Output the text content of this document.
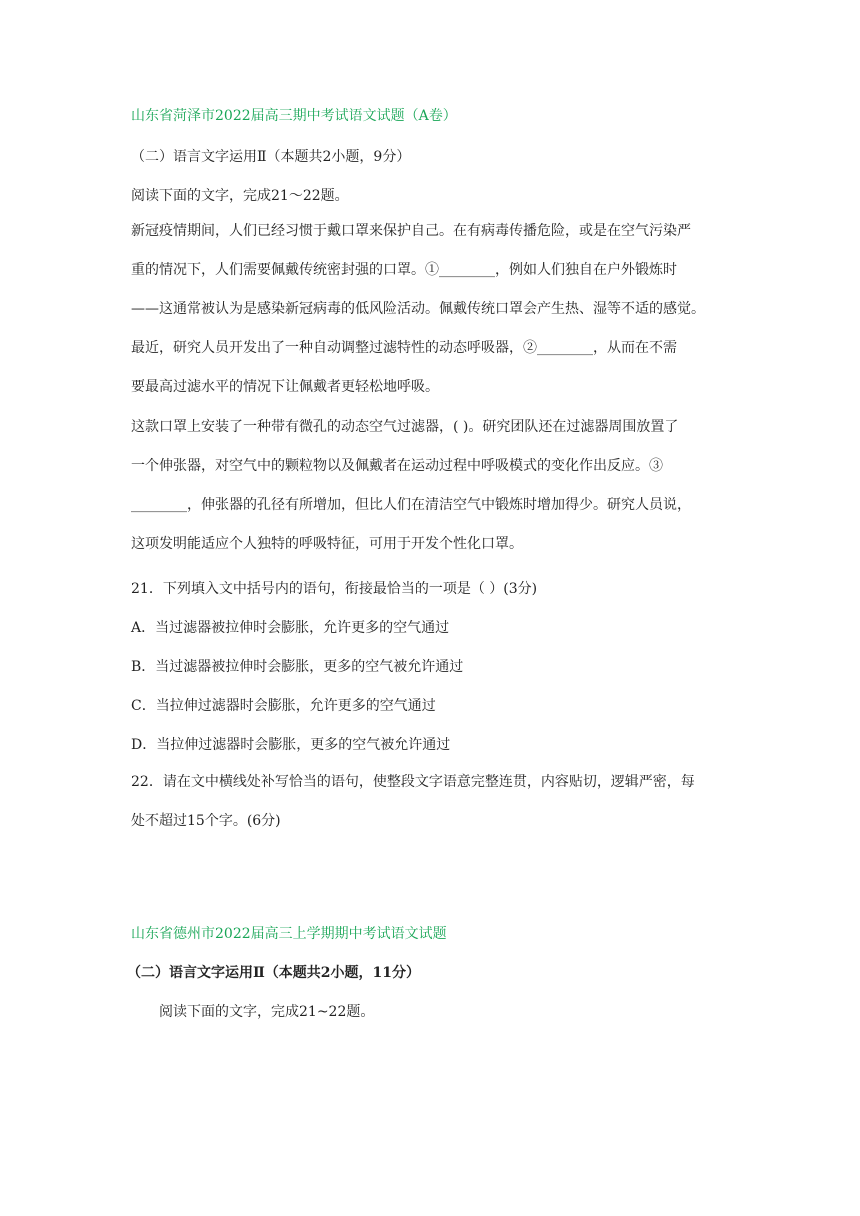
山东省菏泽市2022届高三期中考试语文试题（A卷）
（二）语言文字运用Ⅱ（本题共2小题，9分）
阅读下面的文字，完成21～22题。

新冠疫情期间，人们已经习惯于戴口罩来保护自己。在有病毒传播危险，或是在空气污染严

重的情况下，人们需要佩戴传统密封强的口罩。①________，例如人们独自在户外锻炼时

——这通常被认为是感染新冠病毒的低风险活动。佩戴传统口罩会产生热、湿等不适的感觉。

最近，研究人员开发出了一种自动调整过滤特性的动态呼吸器，②________，从而在不需

要最高过滤水平的情况下让佩戴者更轻松地呼吸。

这款口罩上安装了一种带有微孔的动态空气过滤器，( )。研究团队还在过滤器周围放置了

一个伸张器，对空气中的颗粒物以及佩戴者在运动过程中呼吸模式的变化作出反应。③

________，伸张器的孔径有所增加，但比人们在清洁空气中锻炼时增加得少。研究人员说，

这项发明能适应个人独特的呼吸特征，可用于开发个性化口罩。

21．下列填入文中括号内的语句，衔接最恰当的一项是（ ）(3分)
A．当过滤器被拉伸时会膨胀，允许更多的空气通过
B．当过滤器被拉伸时会膨胀，更多的空气被允许通过
C．当拉伸过滤器时会膨胀，允许更多的空气通过
D．当拉伸过滤器时会膨胀，更多的空气被允许通过

22．请在文中横线处补写恰当的语句，使整段文字语意完整连贯，内容贴切，逻辑严密，每

处不超过15个字。(6分)

山东省德州市2022届高三上学期期中考试语文试题
（二）语言文字运用Ⅱ（本题共2小题，11分）
阅读下面的文字，完成21~22题。
